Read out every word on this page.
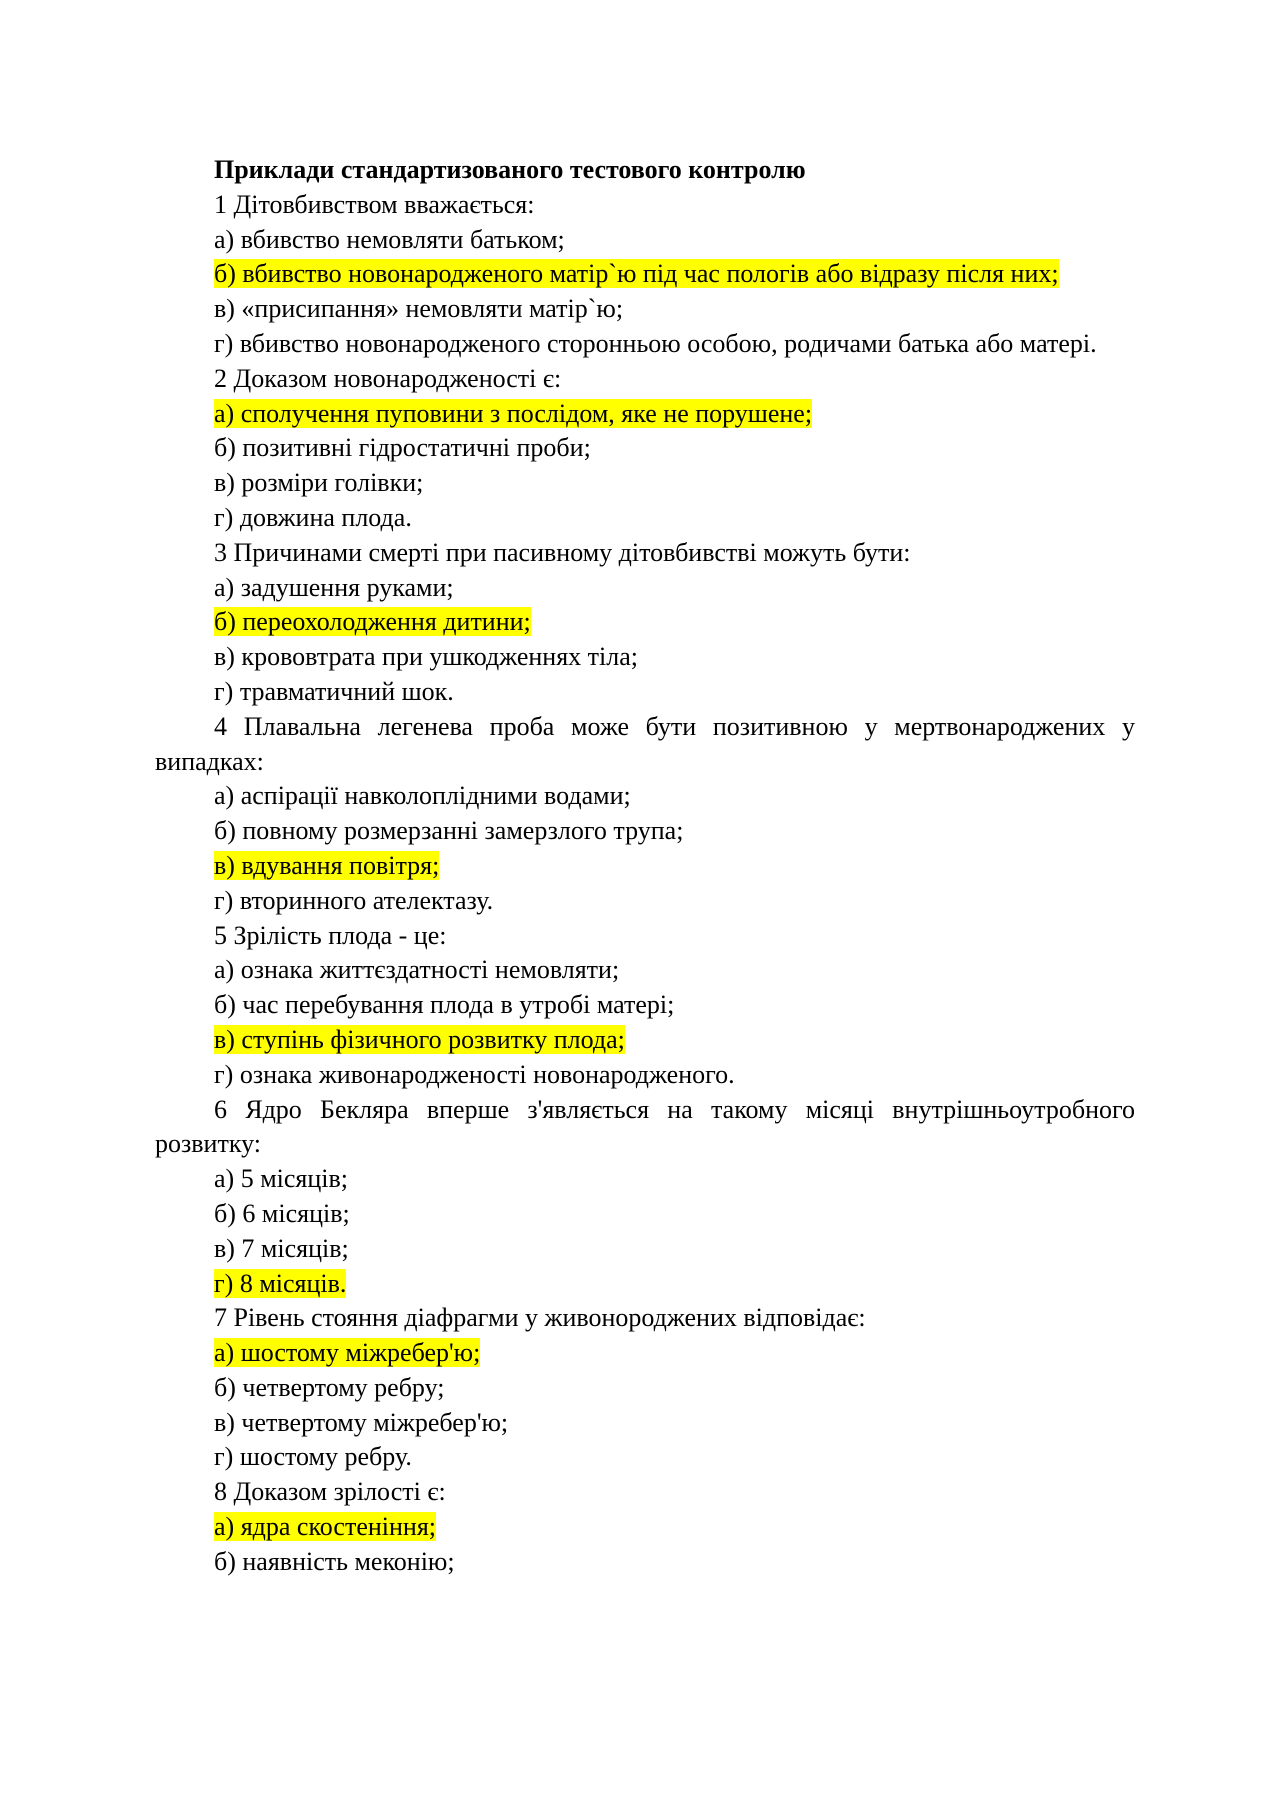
Приклади стандартизованого тестового контролю
1 Дітовбивством вважається:
а) вбивство немовляти батьком;
б) вбивство новонародженого матір`ю під час пологів або відразу після них;
в) «присипання» немовляти матір`ю;
г) вбивство новонародженого сторонньою особою, родичами батька або матері.
2 Доказом новонародженості є:
а) сполучення пуповини з послідом, яке не порушене;
б) позитивні гідростатичні проби;
в) розміри голівки;
г) довжина плода.
3 Причинами смерті при пасивному дітовбивстві можуть бути:
а) задушення руками;
б) переохолодження дитини;
в) крововтрата при ушкодженнях тіла;
г) травматичний шок.
4 Плавальна легенева проба може бути позитивною у мертвонароджених у випадках:
а) аспірації навколоплідними водами;
б) повному розмерзанні замерзлого трупа;
в) вдування повітря;
г) вторинного ателектазу.
5 Зрілість плода - це:
а) ознака життєздатності немовляти;
б) час перебування плода в утробі матері;
в) ступінь фізичного розвитку плода;
г) ознака живонародженості новонародженого.
6 Ядро Бекляра вперше з'являється на такому місяці внутрішньоутробного розвитку:
а) 5 місяців;
б) 6 місяців;
в) 7 місяців;
г) 8 місяців.
7 Рівень стояння діафрагми у живонороджених відповідає:
а) шостому міжребер'ю;
б) четвертому ребру;
в) четвертому міжребер'ю;
г) шостому ребру.
8 Доказом зрілості є:
а) ядра скостеніння;
б) наявність меконію;
